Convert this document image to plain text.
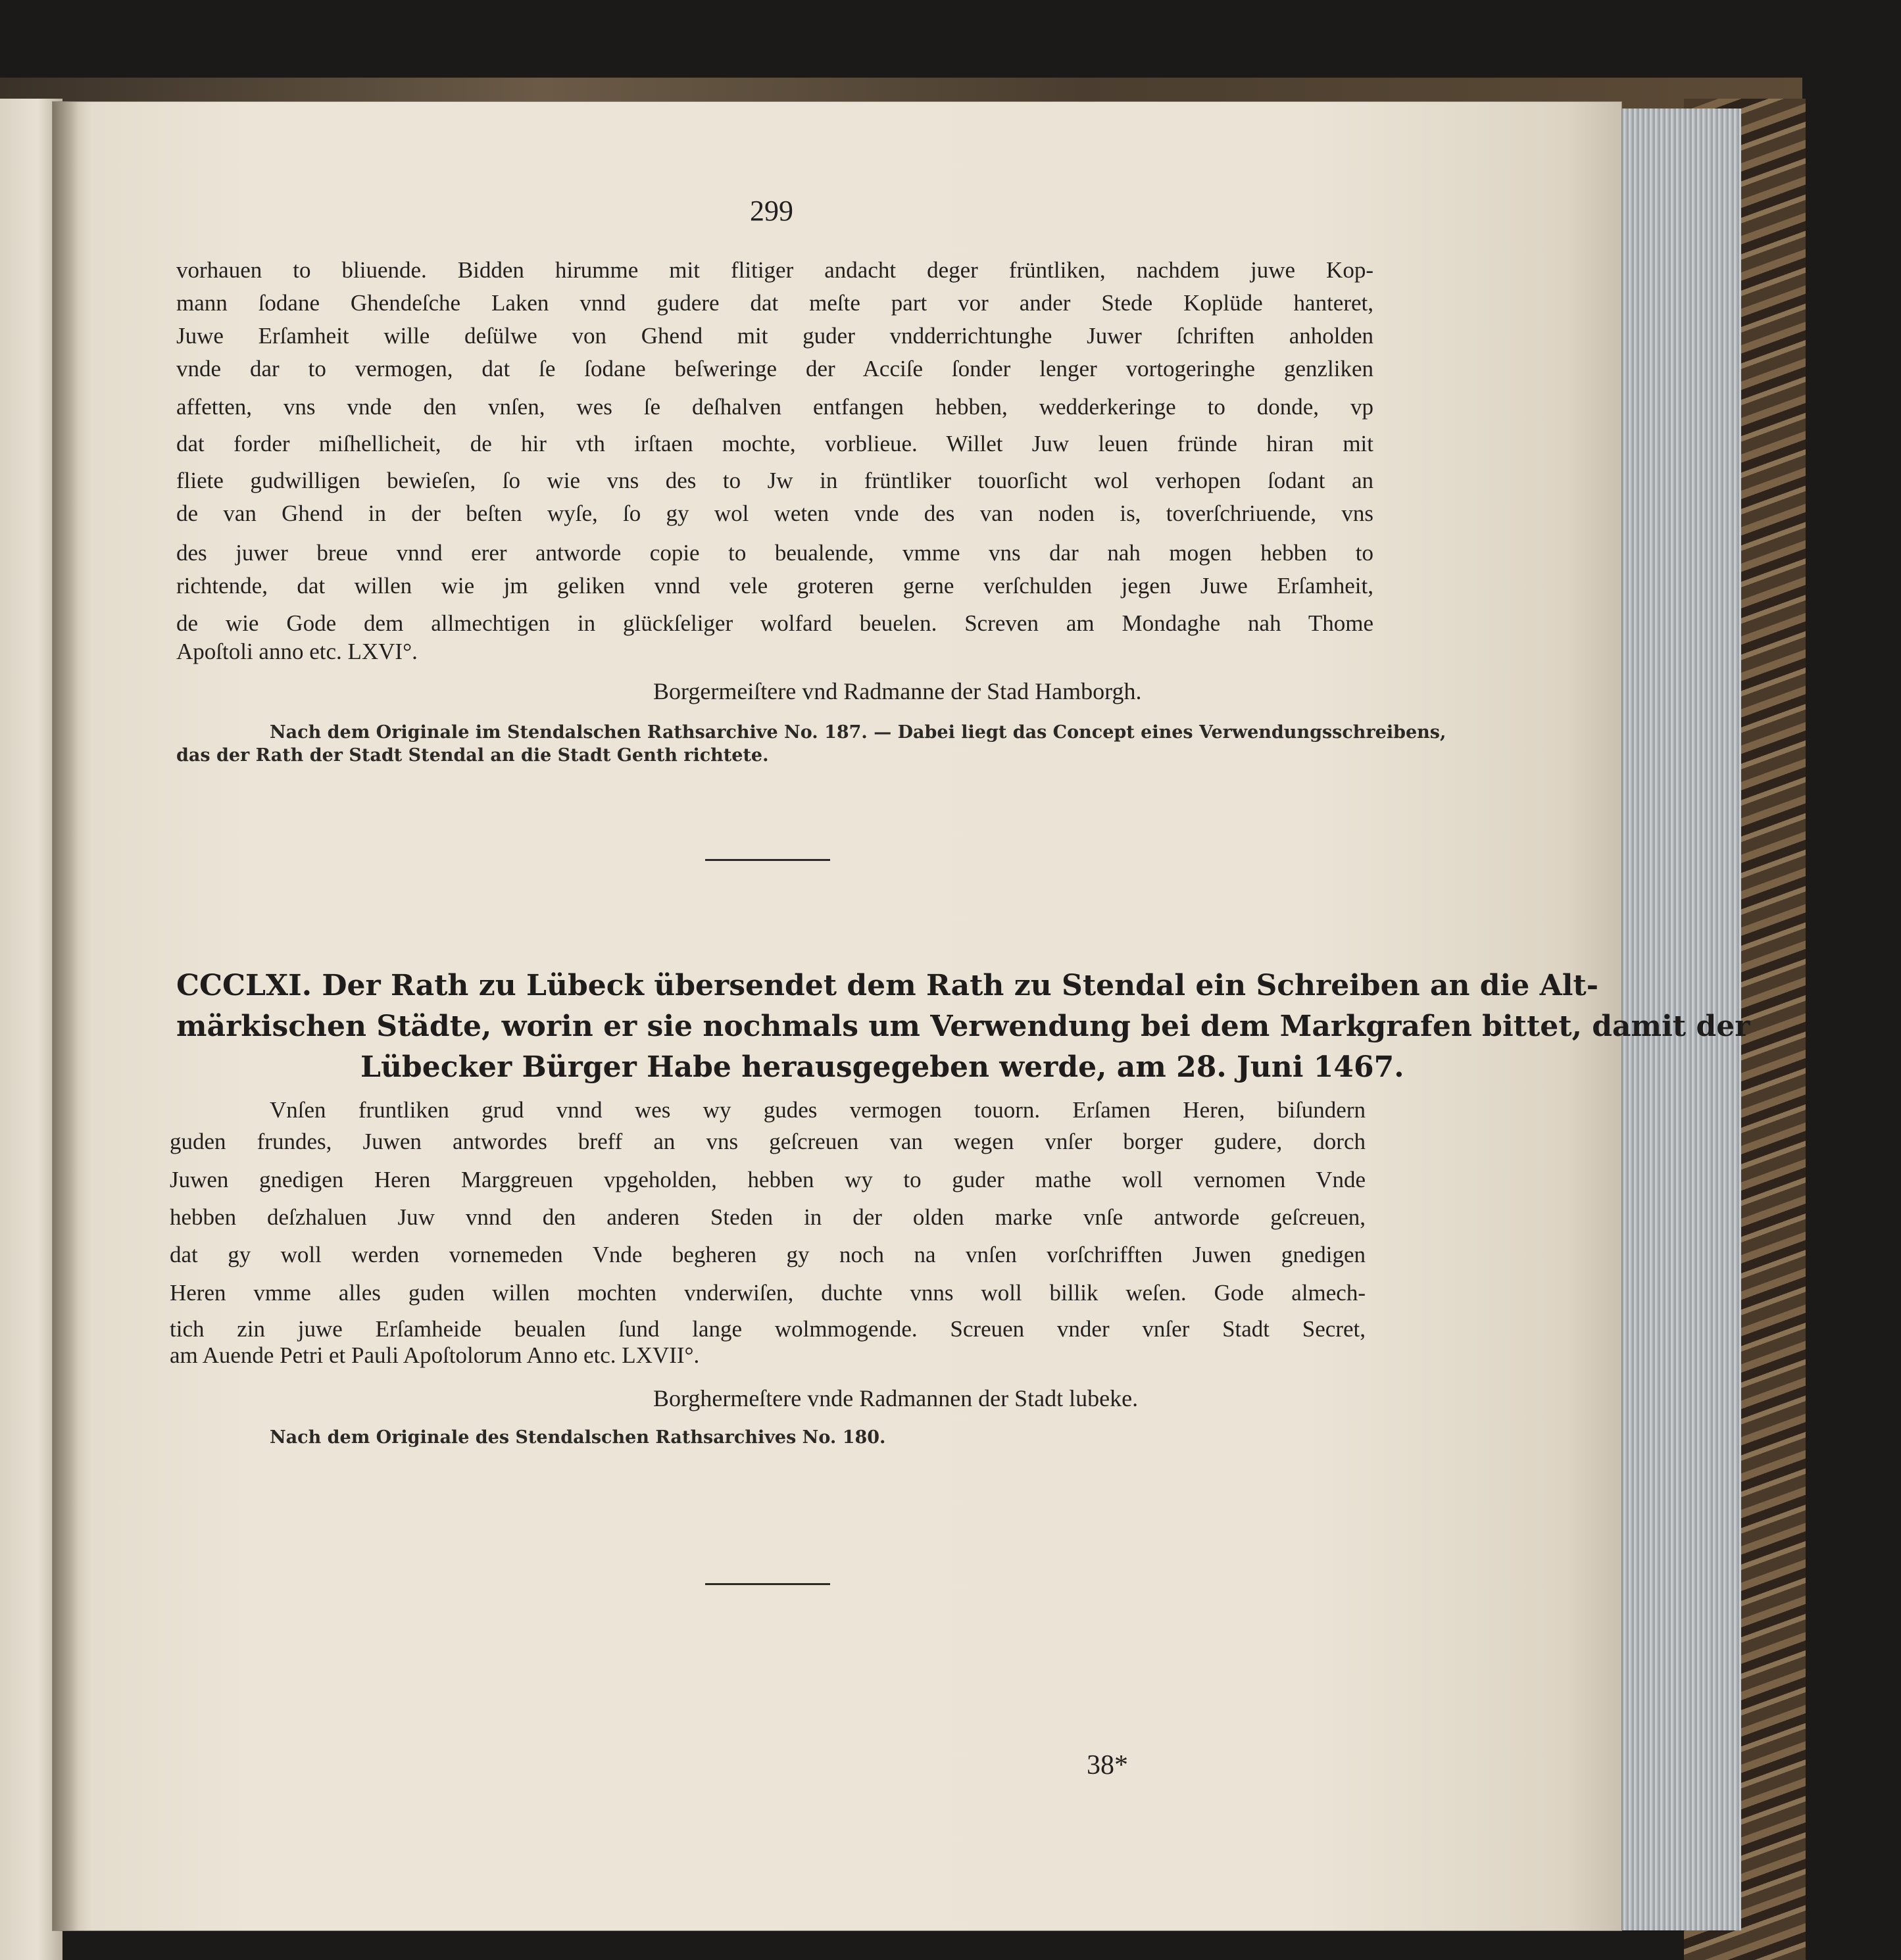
299
vorhauen to bliuende. Bidden hirumme mit flitiger andacht deger früntliken, nachdem juwe Kop-
mann ſodane Ghendeſche Laken vnnd gudere dat meſte part vor ander Stede Koplüde hanteret,
Juwe Erſamheit wille deſülwe von Ghend mit guder vndderrichtunghe Juwer ſchriften anholden
vnde dar to vermogen, dat ſe ſodane beſweringe der Acciſe ſonder lenger vortogeringhe genzliken
affetten, vns vnde den vnſen, wes ſe deſhalven entfangen hebben, wedderkeringe to donde, vp
dat forder miſhellicheit, de hir vth irſtaen mochte, vorblieue. Willet Juw leuen fründe hiran mit
fliete gudwilligen bewieſen, ſo wie vns des to Jw in früntliker touorſicht wol verhopen ſodant an
de van Ghend in der beſten wyſe, ſo gy wol weten vnde des van noden is, toverſchriuende, vns
des juwer breue vnnd erer antworde copie to beualende, vmme vns dar nah mogen hebben to
richtende, dat willen wie jm geliken vnnd vele groteren gerne verſchulden jegen Juwe Erſamheit,
de wie Gode dem allmechtigen in glückſeliger wolfard beuelen. Screven am Mondaghe nah Thome
Apoſtoli anno etc. LXVI°.
Borgermeiſtere vnd Radmanne der Stad Hamborgh.
Nach dem Originale im Stendalschen Rathsarchive No. 187. — Dabei liegt das Concept eines Verwendungsschreibens,
das der Rath der Stadt Stendal an die Stadt Genth richtete.
CCCLXI. Der Rath zu Lübeck übersendet dem Rath zu Stendal ein Schreiben an die Alt-
märkischen Städte, worin er sie nochmals um Verwendung bei dem Markgrafen bittet, damit der
Lübecker Bürger Habe herausgegeben werde, am 28. Juni 1467.
Vnſen fruntliken grud vnnd wes wy gudes vermogen touorn. Erſamen Heren, biſundern
guden frundes, Juwen antwordes breff an vns geſcreuen van wegen vnſer borger gudere, dorch
Juwen gnedigen Heren Marggreuen vpgeholden, hebben wy to guder mathe woll vernomen Vnde
hebben deſzhaluen Juw vnnd den anderen Steden in der olden marke vnſe antworde geſcreuen,
dat gy woll werden vornemeden Vnde begheren gy noch na vnſen vorſchrifften Juwen gnedigen
Heren vmme alles guden willen mochten vnderwiſen, duchte vnns woll billik weſen. Gode almech-
tich zin juwe Erſamheide beualen ſund lange wolmmogende. Screuen vnder vnſer Stadt Secret,
am Auende Petri et Pauli Apoſtolorum Anno etc. LXVII°.
Borghermeſtere vnde Radmannen der Stadt lubeke.
Nach dem Originale des Stendalschen Rathsarchives No. 180.
38*
